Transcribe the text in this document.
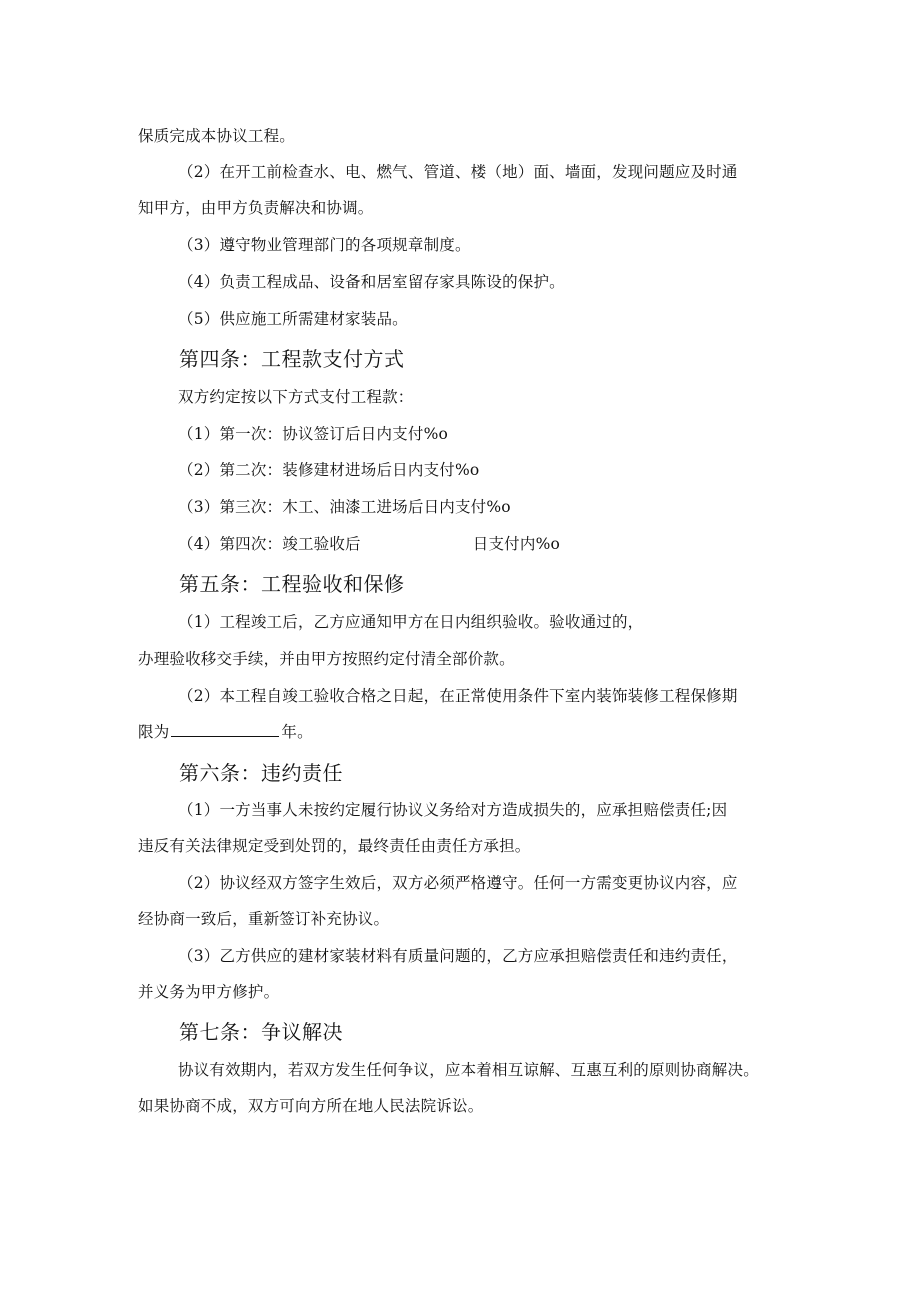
保质完成本协议工程。
（2）在开工前检查水、电、燃气、管道、楼（地）面、墙面，发现问题应及时通
知甲方，由甲方负责解决和协调。
（3）遵守物业管理部门的各项规章制度。
（4）负责工程成品、设备和居室留存家具陈设的保护。
（5）供应施工所需建材家装品。
第四条：工程款支付方式
双方约定按以下方式支付工程款：
（1）第一次：协议签订后日内支付%o
（2）第二次：装修建材进场后日内支付%o
（3）第三次：木工、油漆工进场后日内支付%o
（4）第四次：竣工验收后	日支付内%o
第五条：工程验收和保修
（1）工程竣工后，乙方应通知甲方在日内组织验收。验收通过的，
办理验收移交手续，并由甲方按照约定付清全部价款。
（2）本工程自竣工验收合格之日起，在正常使用条件下室内装饰装修工程保修期
限为	年。
第六条：违约责任
（1）一方当事人未按约定履行协议义务给对方造成损失的，应承担赔偿责任;因
违反有关法律规定受到处罚的，最终责任由责任方承担。
（2）协议经双方签字生效后，双方必须严格遵守。任何一方需变更协议内容，应
经协商一致后，重新签订补充协议。
（3）乙方供应的建材家装材料有质量问题的，乙方应承担赔偿责任和违约责任，
并义务为甲方修护。
第七条：争议解决
协议有效期内，若双方发生任何争议，应本着相互谅解、互惠互利的原则协商解决。
如果协商不成，双方可向方所在地人民法院诉讼。
